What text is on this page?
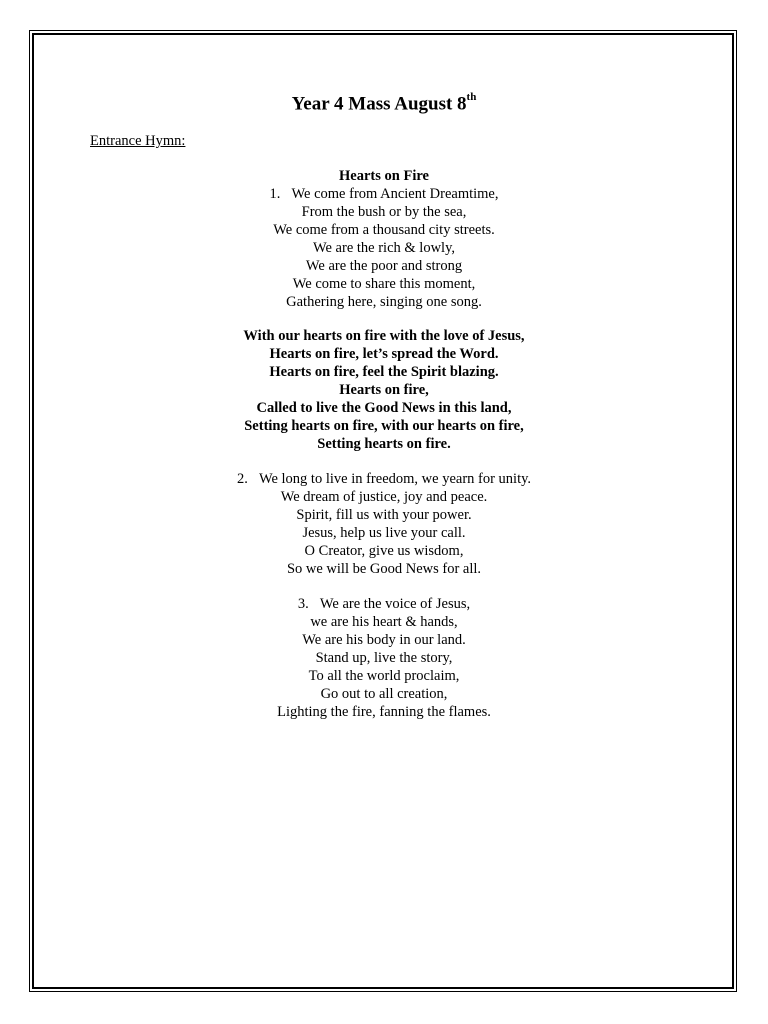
Year 4 Mass August 8th

Entrance Hymn:

Hearts on Fire
1. We come from Ancient Dreamtime,
From the bush or by the sea,
We come from a thousand city streets.
We are the rich & lowly,
We are the poor and strong
We come to share this moment,
Gathering here, singing one song.
With our hearts on fire with the love of Jesus,
Hearts on fire, let’s spread the Word.
Hearts on fire, feel the Spirit blazing.
Hearts on fire,
Called to live the Good News in this land,
Setting hearts on fire, with our hearts on fire,
Setting hearts on fire.
2. We long to live in freedom, we yearn for unity.
We dream of justice, joy and peace.
Spirit, fill us with your power.
Jesus, help us live your call.
O Creator, give us wisdom,
So we will be Good News for all.
3. We are the voice of Jesus,
we are his heart & hands,
We are his body in our land.
Stand up, live the story,
To all the world proclaim,
Go out to all creation,
Lighting the fire, fanning the flames.
